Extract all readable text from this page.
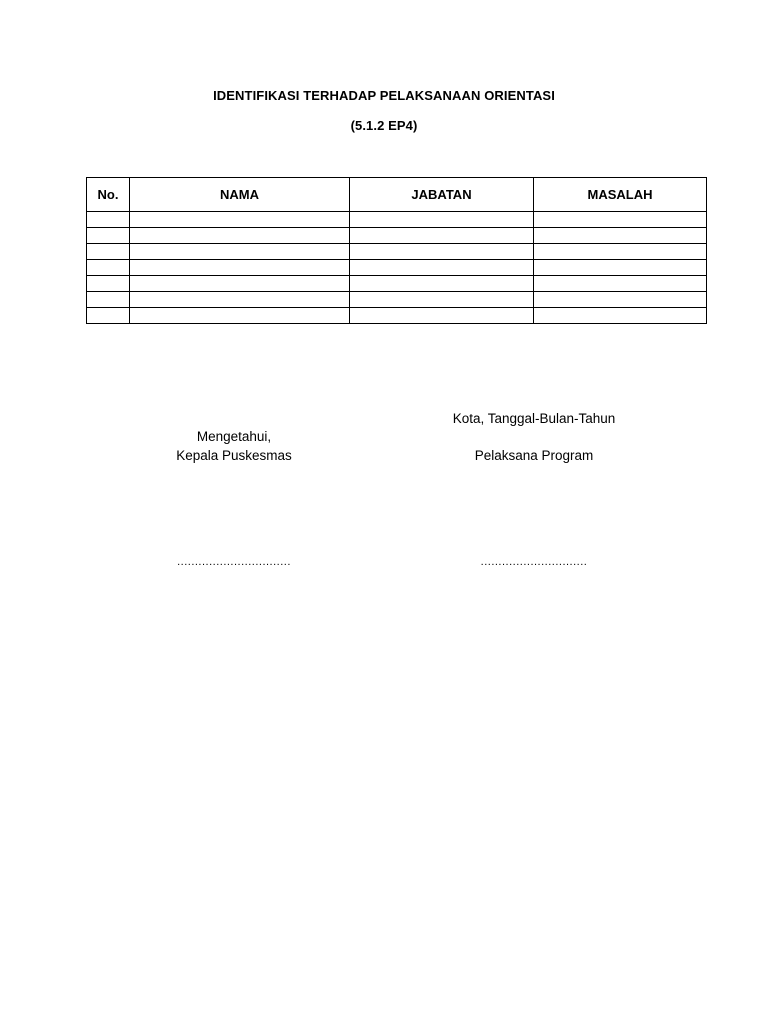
IDENTIFIKASI TERHADAP PELAKSANAAN ORIENTASI
(5.1.2 EP4)
No.	NAMA	JABATAN	MASALAH

Kota, Tanggal-Bulan-Tahun
Mengetahui,
Kepala Puskesmas	Pelaksana Program
................................	..............................
